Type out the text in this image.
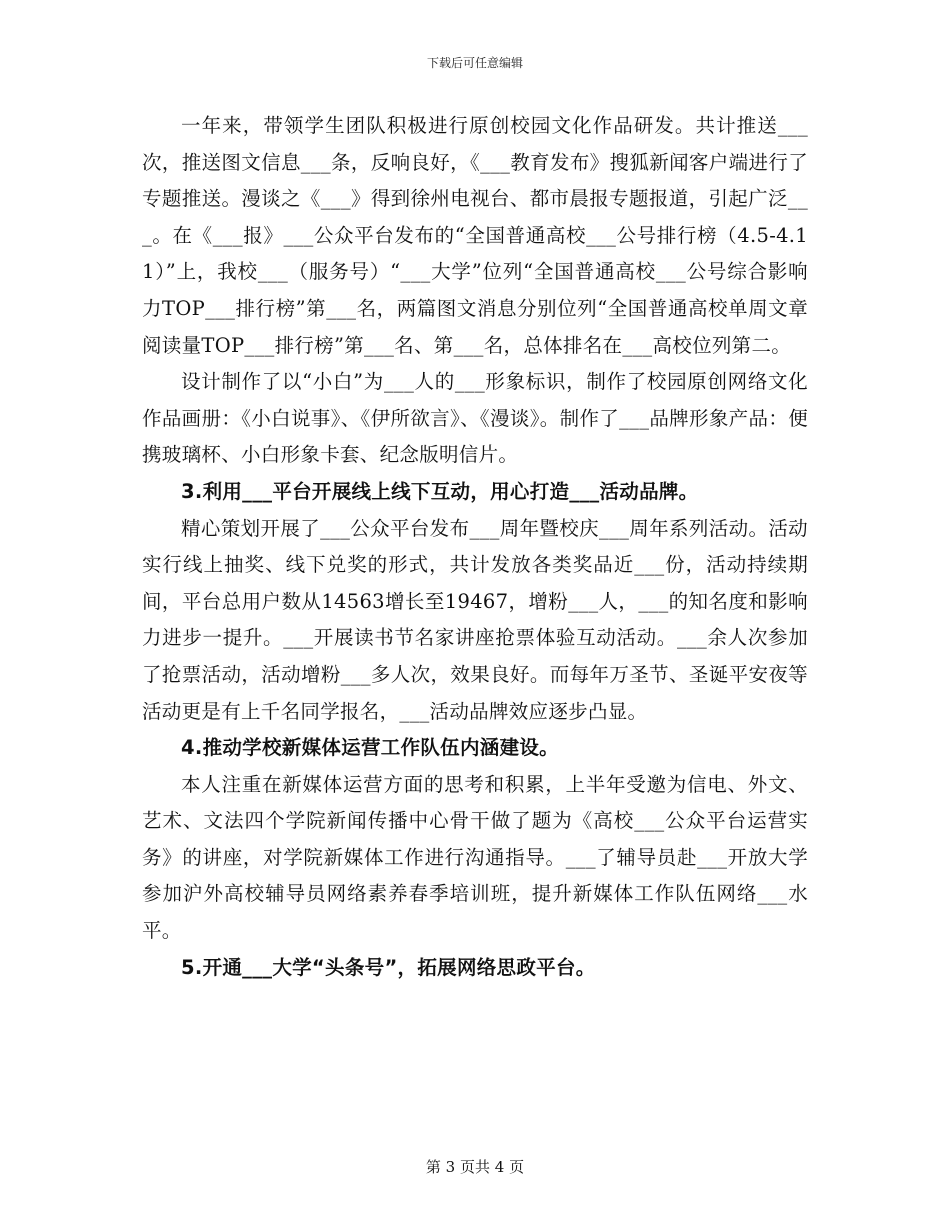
下载后可任意编辑

一年来，带领学生团队积极进行原创校园文化作品研发。共计推送___次，推送图文信息___条，反响良好，《___教育发布》搜狐新闻客户端进行了专题推送。漫谈之《___》得到徐州电视台、都市晨报专题报道，引起广泛___。在《___报》___公众平台发布的“全国普通高校___公号排行榜（4.5-4.11）”上，我校___（服务号）“___大学”位列“全国普通高校___公号综合影响力TOP___排行榜”第___名，两篇图文消息分别位列“全国普通高校单周文章阅读量TOP___排行榜”第___名、第___名，总体排名在___高校位列第二。

设计制作了以“小白”为___人的___形象标识，制作了校园原创网络文化作品画册：《小白说事》、《伊所欲言》、《漫谈》。制作了___品牌形象产品：便携玻璃杯、小白形象卡套、纪念版明信片。

3.利用___平台开展线上线下互动，用心打造___活动品牌。

精心策划开展了___公众平台发布___周年暨校庆___周年系列活动。活动实行线上抽奖、线下兑奖的形式，共计发放各类奖品近___份，活动持续期间，平台总用户数从14563增长至19467，增粉___人，___的知名度和影响力进步一提升。___开展读书节名家讲座抢票体验互动活动。___余人次参加了抢票活动，活动增粉___多人次，效果良好。而每年万圣节、圣诞平安夜等活动更是有上千名同学报名，___活动品牌效应逐步凸显。

4.推动学校新媒体运营工作队伍内涵建设。

本人注重在新媒体运营方面的思考和积累，上半年受邀为信电、外文、艺术、文法四个学院新闻传播中心骨干做了题为《高校___公众平台运营实务》的讲座，对学院新媒体工作进行沟通指导。___了辅导员赴___开放大学参加沪外高校辅导员网络素养春季培训班，提升新媒体工作队伍网络___水平。

5.开通___大学“头条号”，拓展网络思政平台。

第 3 页共 4 页
